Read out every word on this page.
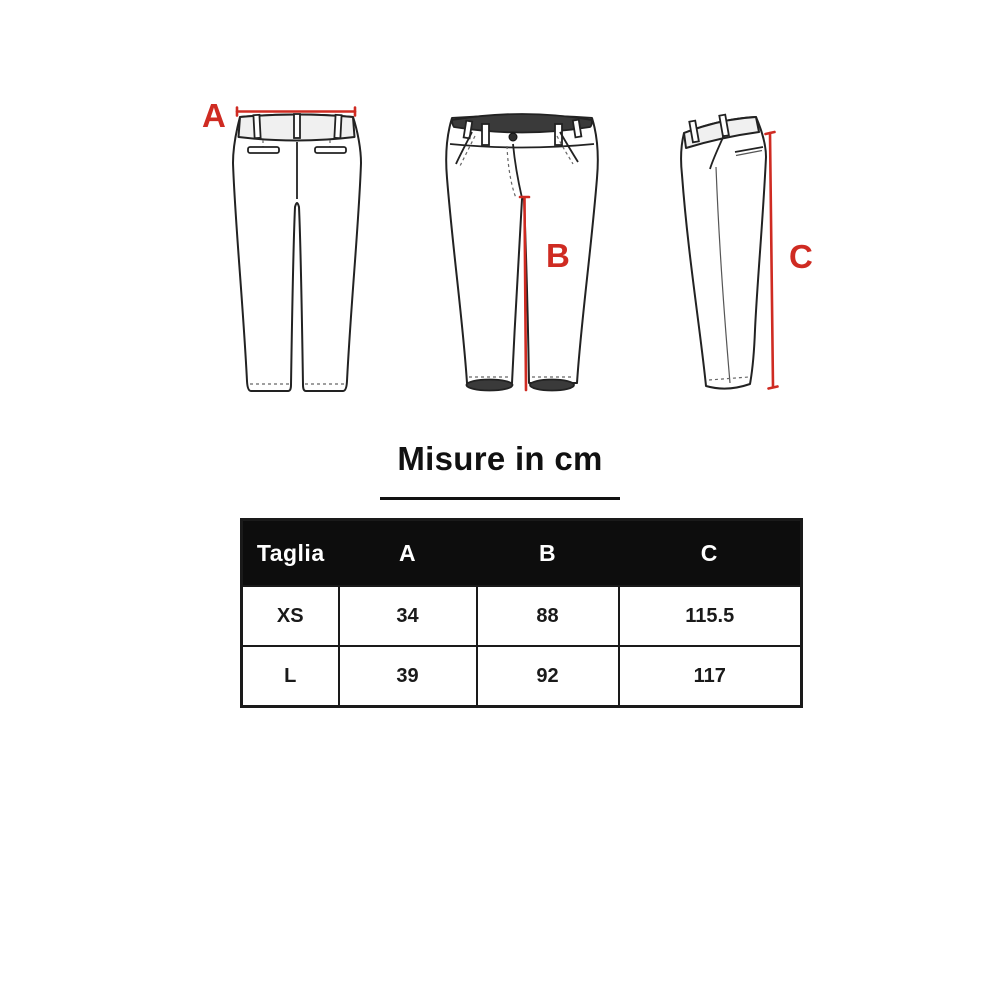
A
B	C
Misure in cm
Taglia	A	B	C
XS	34	88	115.5
L	39	92	117
